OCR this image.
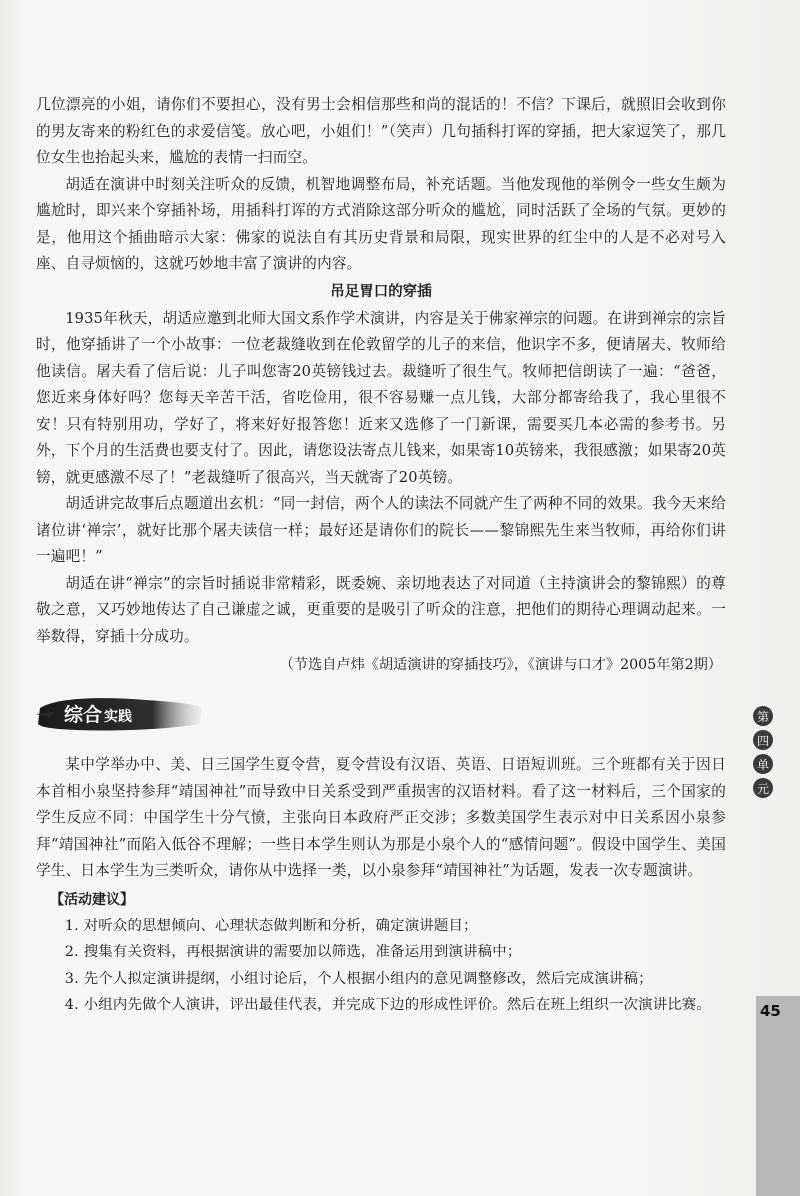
几位漂亮的小姐，请你们不要担心，没有男士会相信那些和尚的混话的！不信？下课后，就照旧会收到你的男友寄来的粉红色的求爱信笺。放心吧，小姐们！”（笑声）几句插科打诨的穿插，把大家逗笑了，那几位女生也抬起头来，尴尬的表情一扫而空。

胡适在演讲中时刻关注听众的反馈，机智地调整布局，补充话题。当他发现他的举例令一些女生颇为尴尬时，即兴来个穿插补场，用插科打诨的方式消除这部分听众的尴尬，同时活跃了全场的气氛。更妙的是，他用这个插曲暗示大家：佛家的说法自有其历史背景和局限，现实世界的红尘中的人是不必对号入座、自寻烦恼的，这就巧妙地丰富了演讲的内容。

吊足胃口的穿插

1935年秋天，胡适应邀到北师大国文系作学术演讲，内容是关于佛家禅宗的问题。在讲到禅宗的宗旨时，他穿插讲了一个小故事：一位老裁缝收到在伦敦留学的儿子的来信，他识字不多，便请屠夫、牧师给他读信。屠夫看了信后说：儿子叫您寄20英镑钱过去。裁缝听了很生气。牧师把信朗读了一遍：“爸爸，您近来身体好吗？您每天辛苦干活，省吃俭用，很不容易赚一点儿钱，大部分都寄给我了，我心里很不安！只有特别用功，学好了，将来好好报答您！近来又选修了一门新课，需要买几本必需的参考书。另外，下个月的生活费也要支付了。因此，请您设法寄点儿钱来，如果寄10英镑来，我很感激；如果寄20英镑，就更感激不尽了！”老裁缝听了很高兴，当天就寄了20英镑。

胡适讲完故事后点题道出玄机：“同一封信，两个人的读法不同就产生了两种不同的效果。我今天来给诸位讲‘禅宗’，就好比那个屠夫读信一样；最好还是请你们的院长——黎锦熙先生来当牧师，再给你们讲一遍吧！”

胡适在讲“禅宗”的宗旨时插说非常精彩，既委婉、亲切地表达了对同道（主持演讲会的黎锦熙）的尊敬之意，又巧妙地传达了自己谦虚之诚，更重要的是吸引了听众的注意，把他们的期待心理调动起来。一举数得，穿插十分成功。

（节选自卢炜《胡适演讲的穿插技巧》，《演讲与口才》2005年第2期）
综合 实践

某中学举办中、美、日三国学生夏令营，夏令营设有汉语、英语、日语短训班。三个班都有关于因日本首相小泉坚持参拜“靖国神社”而导致中日关系受到严重损害的汉语材料。看了这一材料后，三个国家的学生反应不同：中国学生十分气愤，主张向日本政府严正交涉；多数美国学生表示对中日关系因小泉参拜“靖国神社”而陷入低谷不理解；一些日本学生则认为那是小泉个人的“感情问题”。假设中国学生、美国学生、日本学生为三类听众，请你从中选择一类，以小泉参拜“靖国神社”为话题，发表一次专题演讲。

【活动建议】
1. 对听众的思想倾向、心理状态做判断和分析，确定演讲题目；
2. 搜集有关资料，再根据演讲的需要加以筛选，准备运用到演讲稿中；
3. 先个人拟定演讲提纲，小组讨论后，个人根据小组内的意见调整修改，然后完成演讲稿；
4. 小组内先做个人演讲，评出最佳代表，并完成下边的形成性评价。然后在班上组织一次演讲比赛。
第
四
单
元
45
